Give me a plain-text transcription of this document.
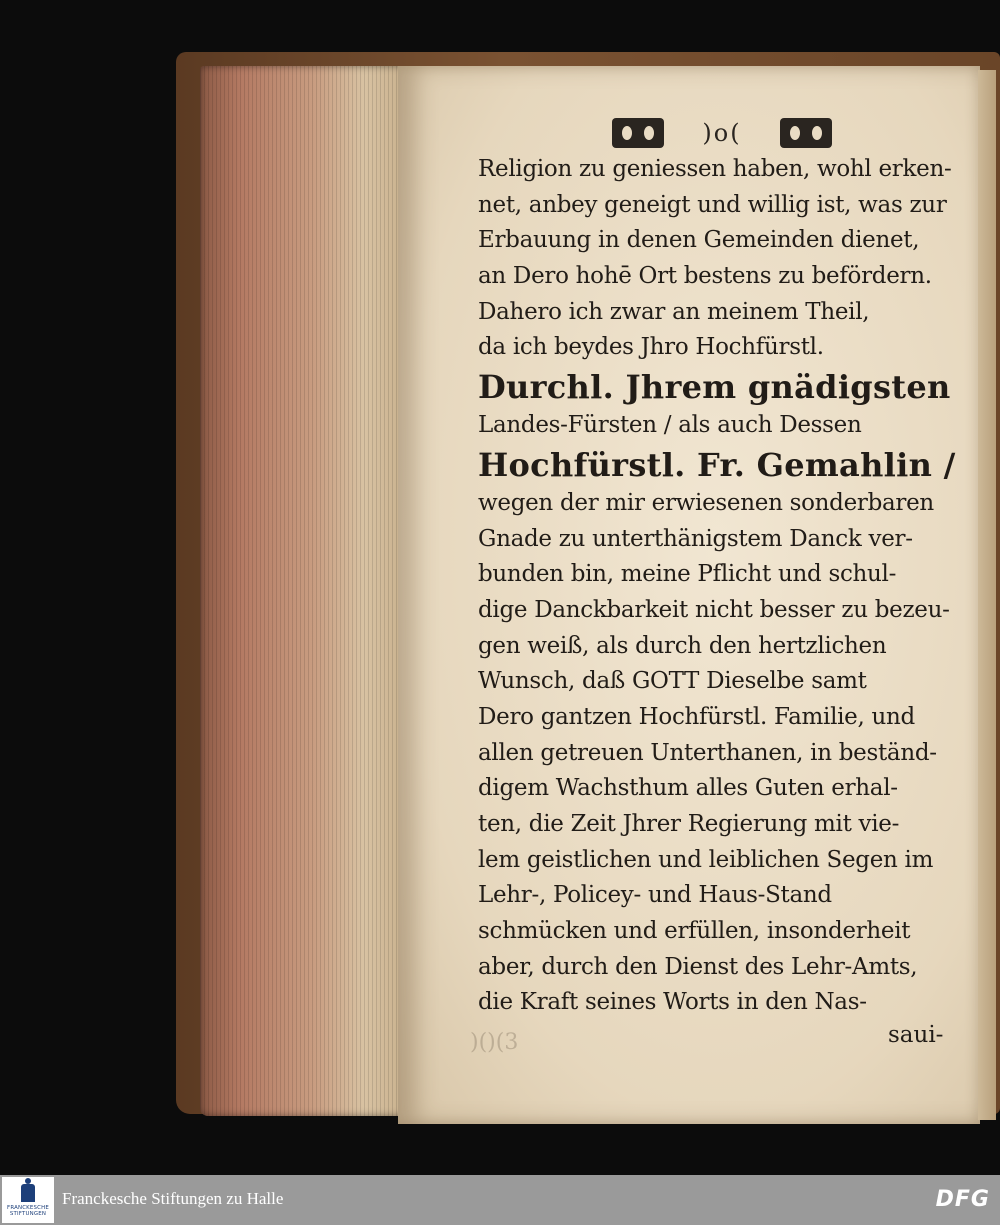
)o(
Religion zu geniessen haben, wohl erken-
net, anbey geneigt und willig ist, was zur
Erbauung in denen Gemeinden dienet,
an Dero hohē Ort bestens zu befördern.
Dahero ich zwar an meinem Theil,
da ich beydes Jhro Hochfürstl.
Durchl. Jhrem gnädigsten
Landes-Fürsten / als auch Dessen
Hochfürstl. Fr. Gemahlin /
wegen der mir erwiesenen sonderbaren
Gnade zu unterthänigstem Danck ver-
bunden bin, meine Pflicht und schul-
dige Danckbarkeit nicht besser zu bezeu-
gen weiß, als durch den hertzlichen
Wunsch, daß GOTT Dieselbe samt
Dero gantzen Hochfürstl. Familie, und
allen getreuen Unterthanen, in beständ-
digem Wachsthum alles Guten erhal-
ten, die Zeit Jhrer Regierung mit vie-
lem geistlichen und leiblichen Segen im
Lehr-, Policey- und Haus-Stand
schmücken und erfüllen, insonderheit
aber, durch den Dienst des Lehr-Amts,
die Kraft seines Worts in den Nas-
)()(3	saui-
FRANCKESCHE STIFTUNGEN
Franckesche Stiftungen zu Halle	DFG
